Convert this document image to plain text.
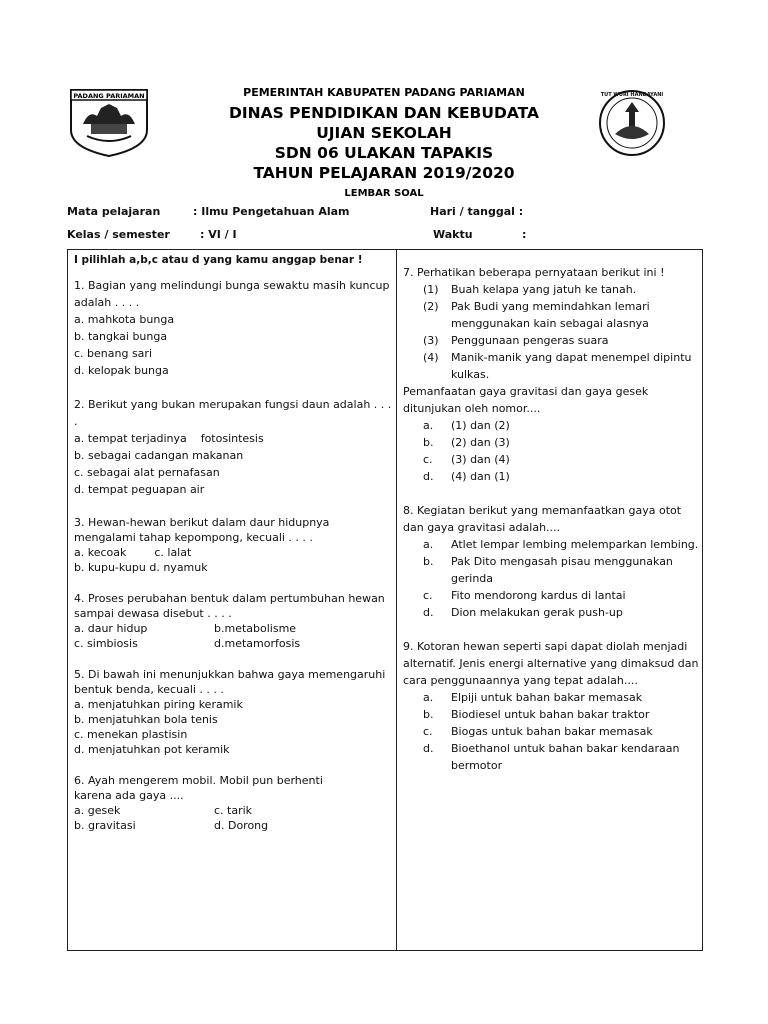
PADANG PARIAMAN	TUT WURI HANDAYANI
PEMERINTAH KABUPATEN PADANG PARIAMAN
DINAS PENDIDIKAN DAN KEBUDATA
UJIAN SEKOLAH
SDN 06 ULAKAN TAPAKIS
TAHUN PELAJARAN 2019/2020
LEMBAR SOAL
Mata pelajaran	: Ilmu Pengetahuan Alam	Hari / tanggal :
Kelas / semester	: VI / I	Waktu	:
I pilihlah a,b,c atau d yang kamu anggap benar !
1. Bagian yang melindungi bunga sewaktu masih kuncup adalah . . . .
a. mahkota bunga
b. tangkai bunga
c. benang sari
d. kelopak bunga
2. Berikut yang bukan merupakan fungsi daun adalah . . . .
a. tempat terjadinya    fotosintesis
b. sebagai cadangan makanan
c. sebagai alat pernafasan
d. tempat peguapan air
3. Hewan-hewan berikut dalam daur hidupnya mengalami tahap kepompong, kecuali . . . .
a. kecoak        c. lalat
b. kupu-kupu d. nyamuk
4. Proses perubahan bentuk dalam pertumbuhan hewan sampai dewasa disebut . . . .
a. daur hidup	b.metabolisme
c. simbiosis	d.metamorfosis
5. Di bawah ini menunjukkan bahwa gaya memengaruhi bentuk benda, kecuali . . . .
a. menjatuhkan piring keramik
b. menjatuhkan bola tenis
c. menekan plastisin
d. menjatuhkan pot keramik
6. Ayah mengerem mobil. Mobil pun berhenti karena ada gaya ....
a. gesek	c. tarik
b. gravitasi	d. Dorong
7. Perhatikan beberapa pernyataan berikut ini !
(1)	Buah kelapa yang jatuh ke tanah.
(2)	Pak Budi yang memindahkan lemari menggunakan kain sebagai alasnya
(3)	Penggunaan pengeras suara
(4)	Manik-manik yang dapat menempel dipintu kulkas.
Pemanfaatan gaya gravitasi dan gaya gesek ditunjukan oleh nomor....
a.	(1) dan (2)
b.	(2) dan (3)
c.	(3) dan (4)
d.	(4) dan (1)
8. Kegiatan berikut yang memanfaatkan gaya otot dan gaya gravitasi adalah....
a.	Atlet lempar lembing melemparkan lembing.
b.	Pak Dito mengasah pisau menggunakan gerinda
c.	Fito mendorong kardus di lantai
d.	Dion melakukan gerak push-up
9. Kotoran hewan seperti sapi dapat diolah menjadi alternatif. Jenis energi alternative yang dimaksud dan cara penggunaannya yang tepat adalah....
a.	Elpiji untuk bahan bakar memasak
b.	Biodiesel untuk bahan bakar traktor
c.	Biogas untuk bahan bakar memasak
d.	Bioethanol untuk bahan bakar kendaraan bermotor
